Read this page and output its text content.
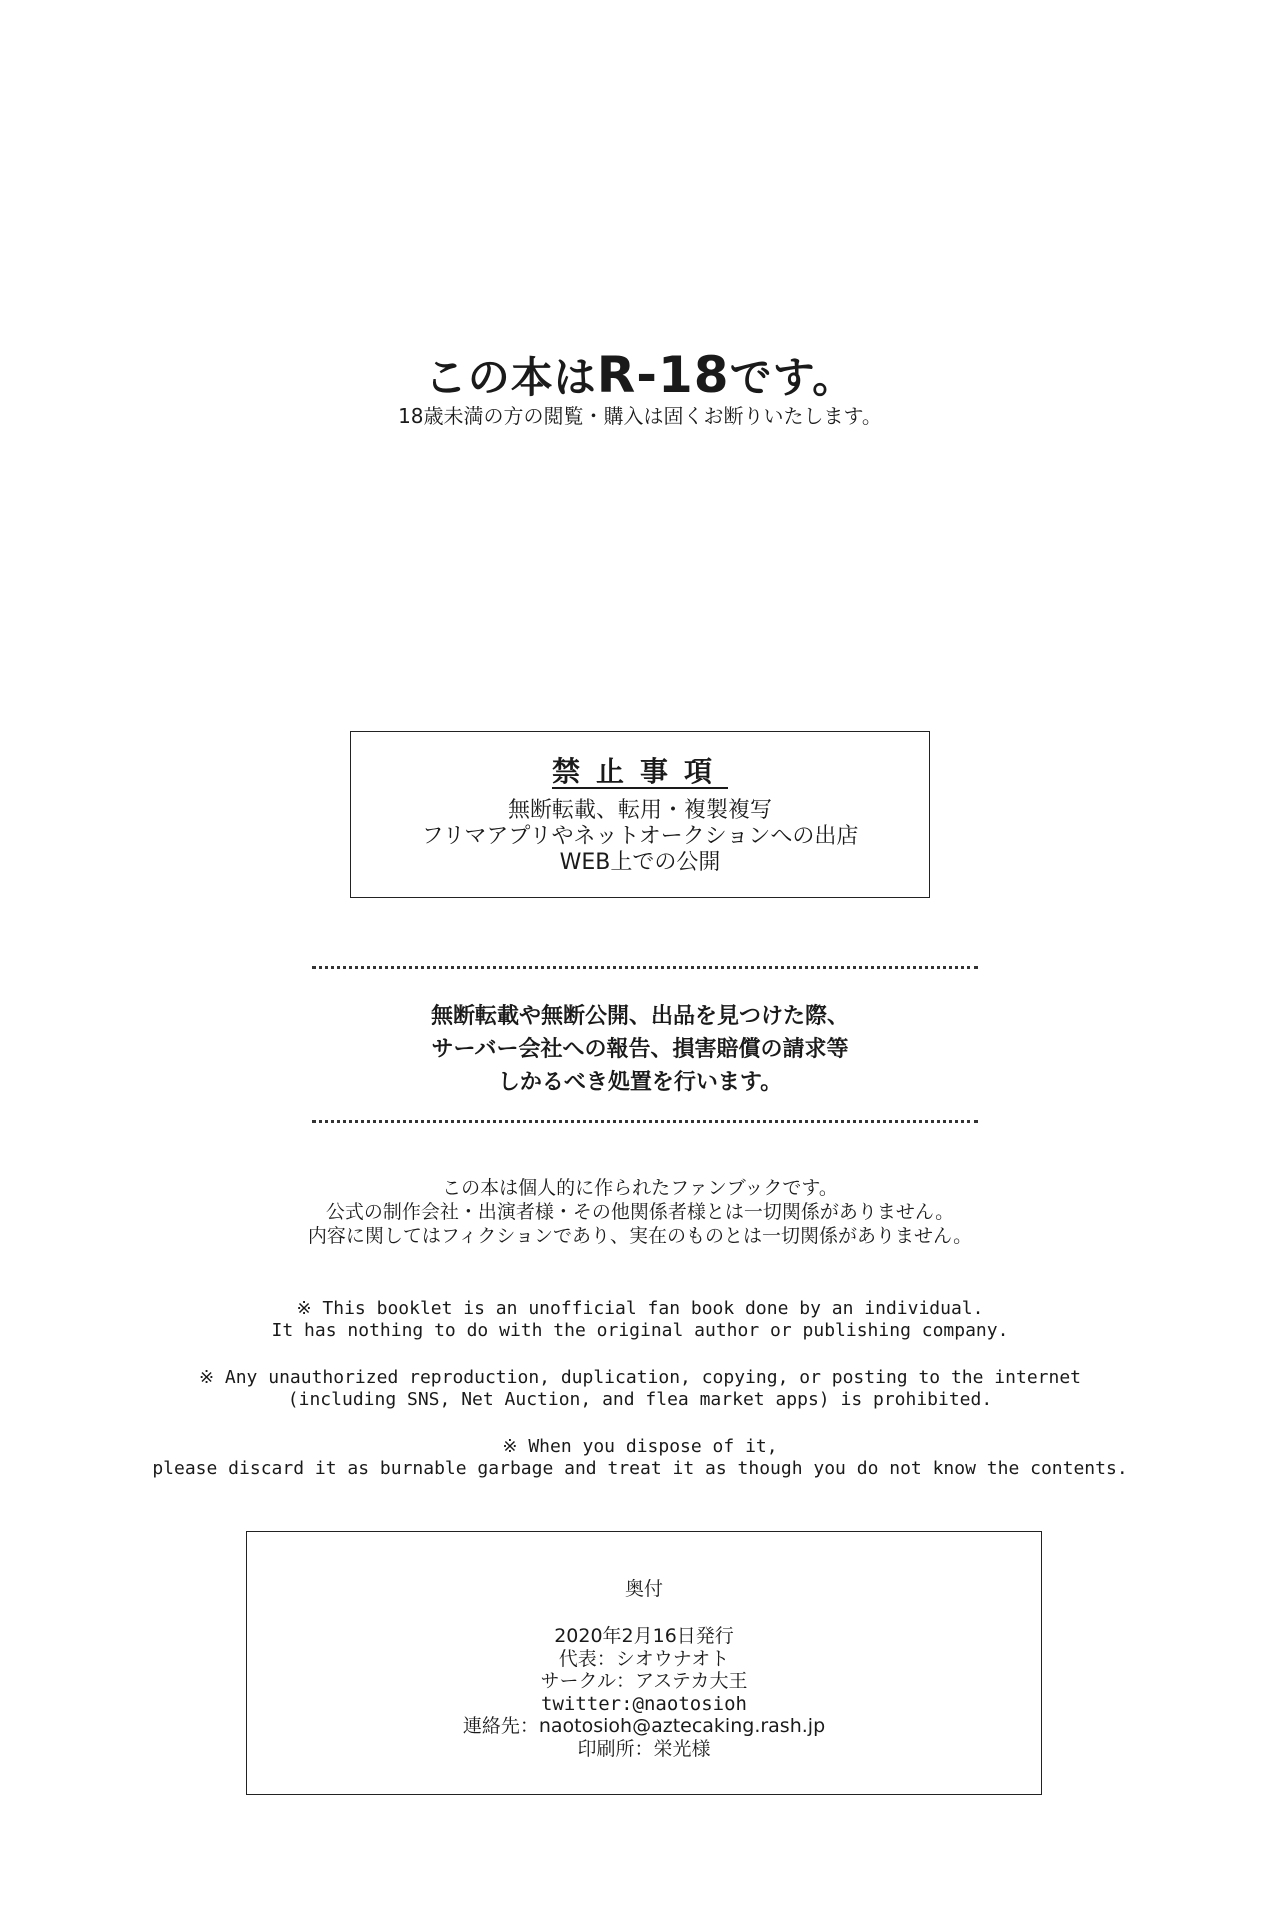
この本はR-18です。
18歳未満の方の閲覧・購入は固くお断りいたします。
禁止事項
無断転載、転用・複製複写
フリマアプリやネットオークションへの出店
WEB上での公開
無断転載や無断公開、出品を見つけた際、
サーバー会社への報告、損害賠償の請求等
しかるべき処置を行います。
この本は個人的に作られたファンブックです。
公式の制作会社・出演者様・その他関係者様とは一切関係がありません。
内容に関してはフィクションであり、実在のものとは一切関係がありません。
※ This booklet is an unofficial fan book done by an individual.
It has nothing to do with the original author or publishing company.
※ Any unauthorized reproduction, duplication, copying, or posting to the internet
(including SNS, Net Auction, and flea market apps) is prohibited.
※ When you dispose of it,
please discard it as burnable garbage and treat it as though you do not know the contents.
奥付
2020年2月16日発行
代表：シオウナオト
サークル：アステカ大王
twitter:@naotosioh
連絡先：naotosioh@aztecaking.rash.jp
印刷所：栄光様
